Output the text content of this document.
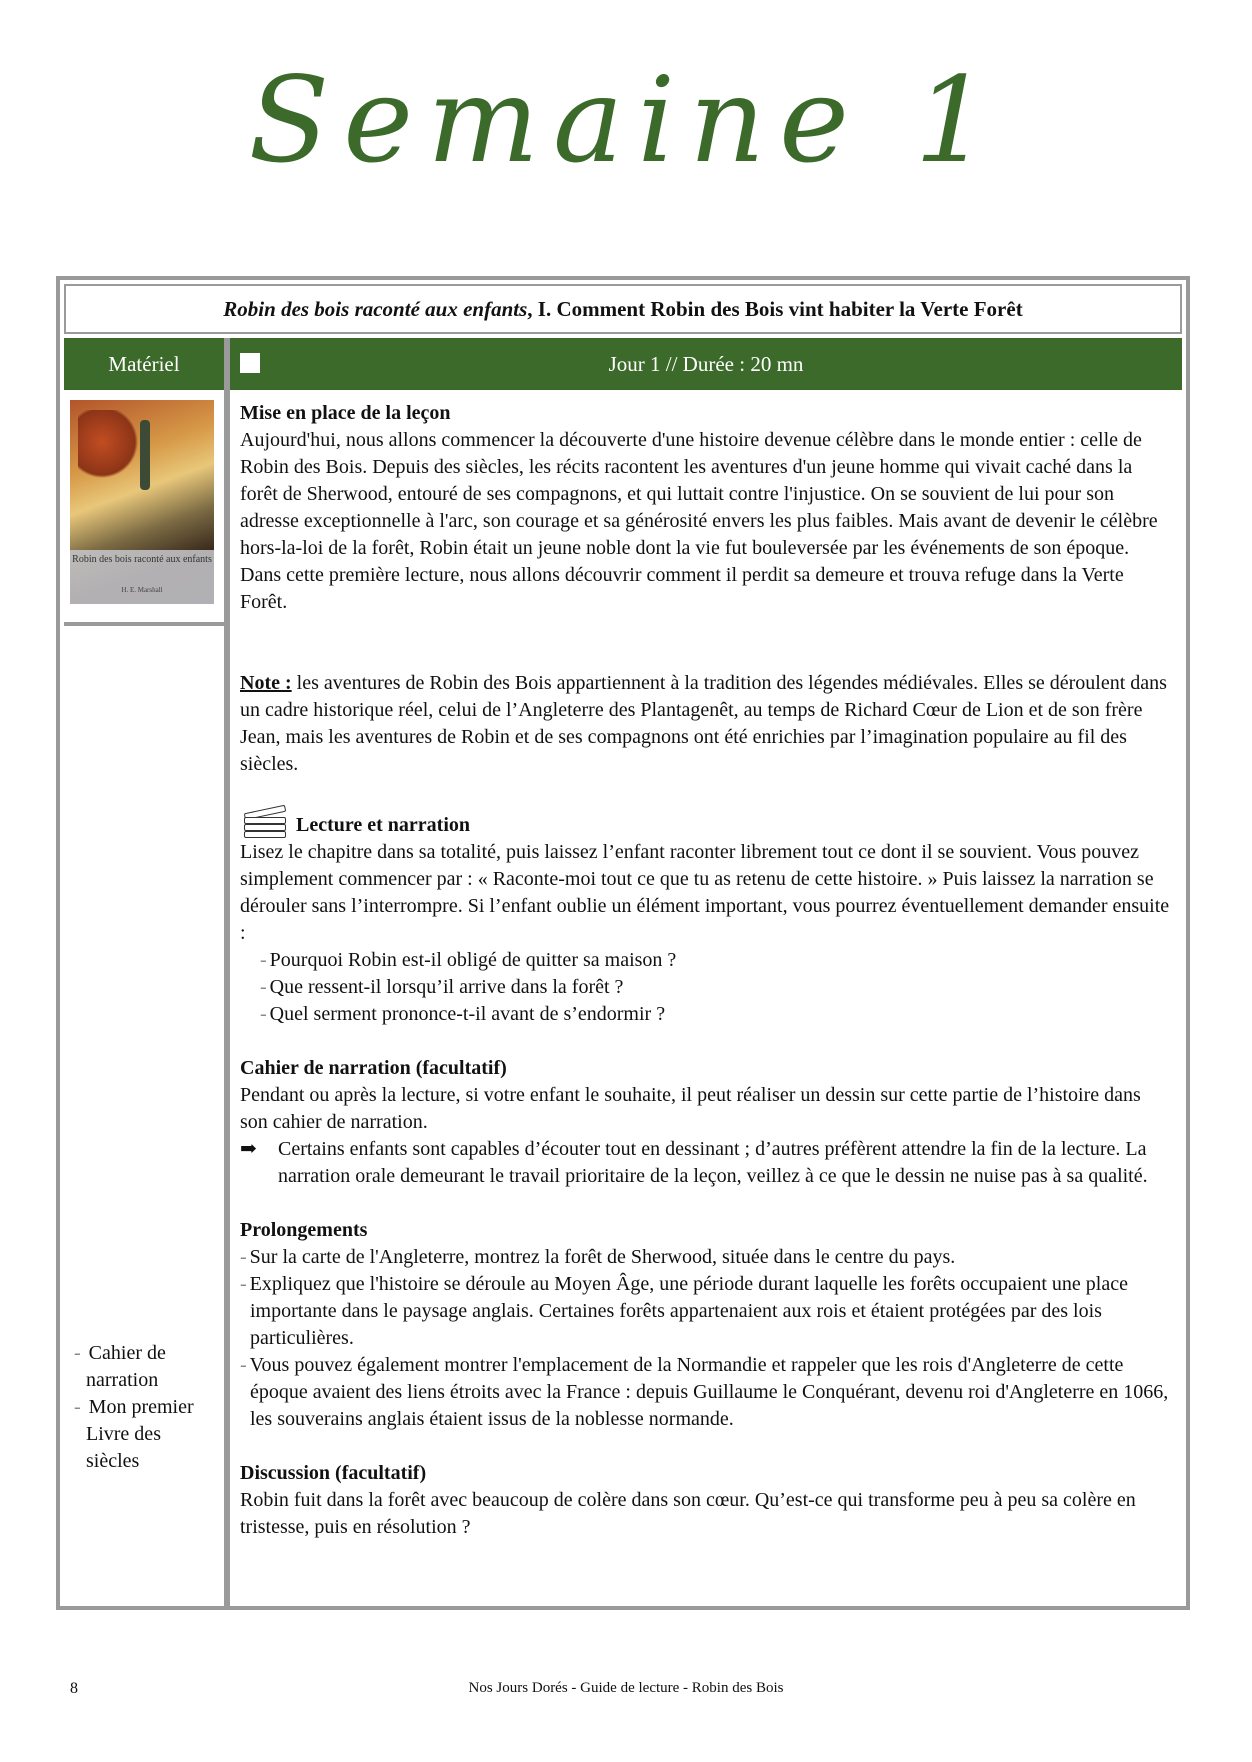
Semaine 1
Robin des bois raconté aux enfants, I. Comment Robin des Bois vint habiter la Verte Forêt
Matériel	Jour 1 // Durée : 20 mn
Robin des bois raconté aux enfants
H. E. Marshall
- Cahier de narration
- Mon premier Livre des siècles

Mise en place de la leçon

Aujourd'hui, nous allons commencer la découverte d'une histoire devenue célèbre dans le monde entier : celle de Robin des Bois. Depuis des siècles, les récits racontent les aventures d'un jeune homme qui vivait caché dans la forêt de Sherwood, entouré de ses compagnons, et qui luttait contre l'injustice. On se souvient de lui pour son adresse exceptionnelle à l'arc, son courage et sa générosité envers les plus faibles. Mais avant de devenir le célèbre hors-la-loi de la forêt, Robin était un jeune noble dont la vie fut bouleversée par les événements de son époque. Dans cette première lecture, nous allons découvrir comment il perdit sa demeure et trouva refuge dans la Verte Forêt.

Note : les aventures de Robin des Bois appartiennent à la tradition des légendes médiévales. Elles se déroulent dans un cadre historique réel, celui de l’Angleterre des Plantagenêt, au temps de Richard Cœur de Lion et de son frère Jean, mais les aventures de Robin et de ses compagnons ont été enrichies par l’imagination populaire au fil des siècles.

Lecture et narration

Lisez le chapitre dans sa totalité, puis laissez l’enfant raconter librement tout ce dont il se souvient. Vous pouvez simplement commencer par : « Raconte-moi tout ce que tu as retenu de cette histoire. » Puis laissez la narration se dérouler sans l’interrompre. Si l’enfant oublie un élément important, vous pourrez éventuellement demander ensuite :

- Pourquoi Robin est-il obligé de quitter sa maison ?

- Que ressent-il lorsqu’il arrive dans la forêt ?

- Quel serment prononce-t-il avant de s’endormir ?

Cahier de narration (facultatif)

Pendant ou après la lecture, si votre enfant le souhaite, il peut réaliser un dessin sur cette partie de l’histoire dans son cahier de narration.

➡	Certains enfants sont capables d’écouter tout en dessinant ; d’autres préfèrent attendre la fin de la lecture. La narration orale demeurant le travail prioritaire de la leçon, veillez à ce que le dessin ne nuise pas à sa qualité.

Prolongements

- Sur la carte de l'Angleterre, montrez la forêt de Sherwood, située dans le centre du pays.

- Expliquez que l'histoire se déroule au Moyen Âge, une période durant laquelle les forêts occupaient une place importante dans le paysage anglais. Certaines forêts appartenaient aux rois et étaient protégées par des lois particulières.

- Vous pouvez également montrer l'emplacement de la Normandie et rappeler que les rois d'Angleterre de cette époque avaient des liens étroits avec la France : depuis Guillaume le Conquérant, devenu roi d'Angleterre en 1066, les souverains anglais étaient issus de la noblesse normande.

Discussion (facultatif)

Robin fuit dans la forêt avec beaucoup de colère dans son cœur. Qu’est-ce qui transforme peu à peu sa colère en tristesse, puis en résolution ?

Nos Jours Dorés - Guide de lecture - Robin des Bois
8
